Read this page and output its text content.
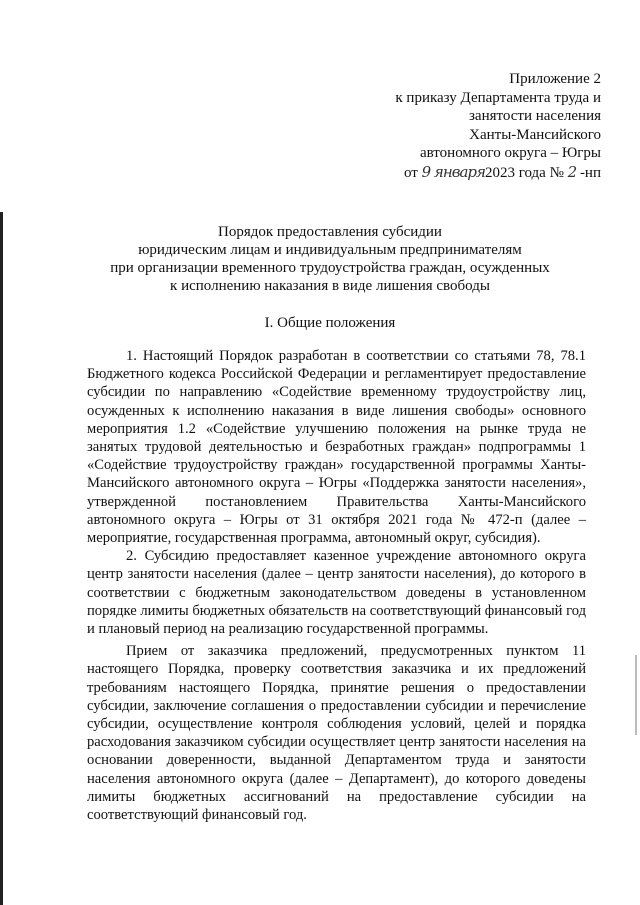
Приложение 2
к приказу Департамента труда и
занятости населения
Ханты-Мансийского
автономного округа – Югры
от 9 января2023 года № 2 -нп
Порядок предоставления субсидии
юридическим лицам и индивидуальным предпринимателям
при организации временного трудоустройства граждан, осужденных
к исполнению наказания в виде лишения свободы
I. Общие положения

1. Настоящий Порядок разработан в соответствии со статьями 78, 78.1 Бюджетного кодекса Российской Федерации и регламентирует предоставление субсидии по направлению «Содействие временному трудоустройству лиц, осужденных к исполнению наказания в виде лишения свободы» основного мероприятия 1.2 «Содействие улучшению положения на рынке труда не занятых трудовой деятельностью и безработных граждан» подпрограммы 1 «Содействие трудоустройству граждан» государственной программы Ханты-Мансийского автономного округа – Югры «Поддержка занятости населения», утвержденной постановлением Правительства Ханты-Мансийского автономного округа – Югры от 31 октября 2021 года № 472-п (далее – мероприятие, государственная программа, автономный округ, субсидия).

2. Субсидию предоставляет казенное учреждение автономного округа центр занятости населения (далее – центр занятости населения), до которого в соответствии с бюджетным законодательством доведены в установленном порядке лимиты бюджетных обязательств на соответствующий финансовый год и плановый период на реализацию государственной программы.

Прием от заказчика предложений, предусмотренных пунктом 11 настоящего Порядка, проверку соответствия заказчика и их предложений требованиям настоящего Порядка, принятие решения о предоставлении субсидии, заключение соглашения о предоставлении субсидии и перечисление субсидии, осуществление контроля соблюдения условий, целей и порядка расходования заказчиком субсидии осуществляет центр занятости населения на основании доверенности, выданной Департаментом труда и занятости населения автономного округа (далее – Департамент), до которого доведены лимиты бюджетных ассигнований на предоставление субсидии на соответствующий финансовый год.
